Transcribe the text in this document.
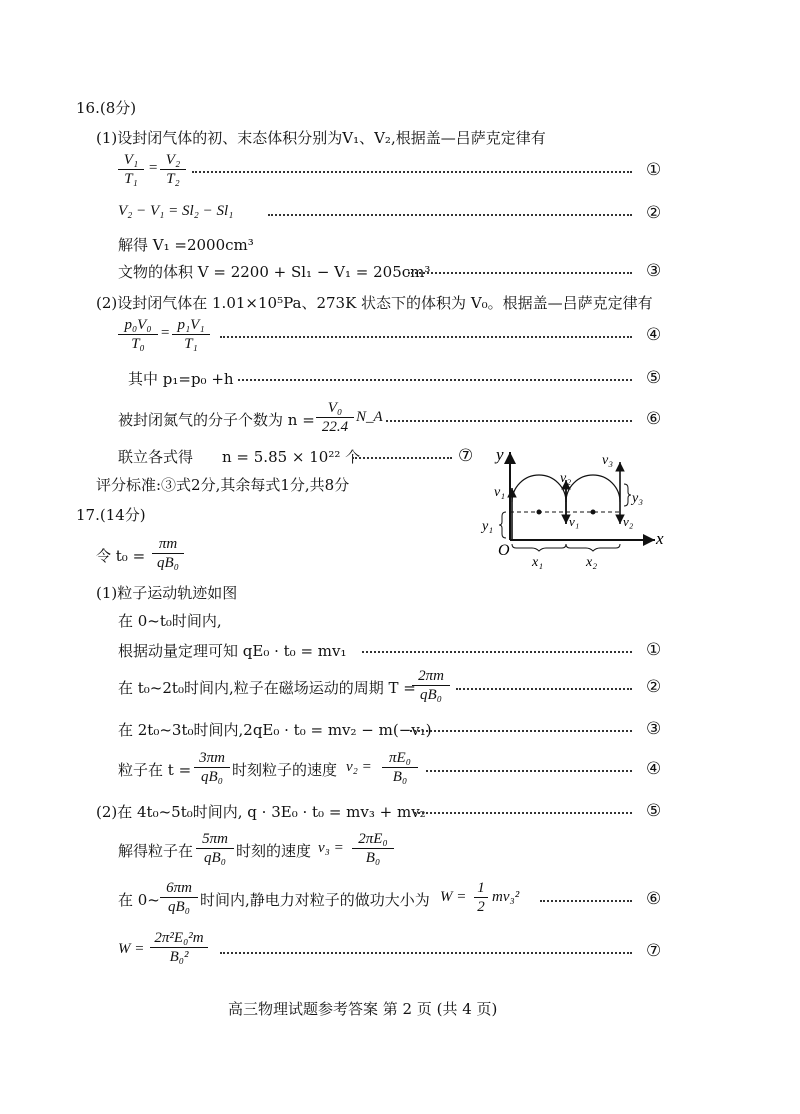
16.(8分)
(1)设封闭气体的初、末态体积分别为V₁、V₂,根据盖—吕萨克定律有
$\frac{\text{V₁}}{\text{T₁}} = \frac{\text{V₂}}{\text{T₂}}$	①
V₂ − V₁ = Sl₂ − Sl₁	②
解得 V₁ =2000cm³
文物的体积 V = 2200 + Sl₁ − V₁ = 205cm³	③
(2)设封闭气体在 1.01×10⁵Pa、273K 状态下的体积为 V₀。根据盖—吕萨克定律有
$\frac{\text{p₀V₀}}{\text{T₀}} = \frac{\text{p₁V₁}}{\text{T₁}}$	④
其中 p₁=p₀ +h	⑤
被封闭氮气的分子个数为 $n = \frac{\text{V₀}}{22.4}$ N_A	⑥
联立各式得 n = 5.85 × 10²² 个	⑦
评分标准:③式2分,其余每式1分,共8分
y
x
O
v₁
v₂
v₃
v₁	v₂
y₁
y₃
x₁	x₂
17.(14分)
令 $t_0 = \frac{\pi m}{\text{qB₀}}$
(1)粒子运动轨迹如图
在 0~t₀时间内,
根据动量定理可知 qE₀ · t₀ = mv₁	①
在 t₀~2t₀时间内,粒子在磁场运动的周期 T =
$\frac{2\pi m}{\text{qB₀}}$	②
在 2t₀~3t₀时间内,2qE₀ · t₀ = mv₂ − m(−v₁)	③
粒子在 $t = \frac{3\pi m}{\text{qB₀}}$ 时刻粒子的速度 $v_2 = \frac{\text{πE₀}}{\text{B₀}}$	④
(2)在 4t₀~5t₀时间内, q · 3E₀ · t₀ = mv₃ + mv₂	⑤
解得粒子在 $\frac{5\pi m}{\text{qB₀}}$ 时刻的速度 $v_3 = \frac{\text{2πE₀}}{\text{B₀}}$
在 0~ $\frac{6\pi m}{\text{qB₀}}$ 时间内,静电力对粒子的做功大小为 $W = \frac{1}{2} mv_3^2$	⑥
$W = \frac{\text{2π²E₀²m}}{\text{B₀²}}$	⑦
高三物理试题参考答案 第 2 页 (共 4 页)
